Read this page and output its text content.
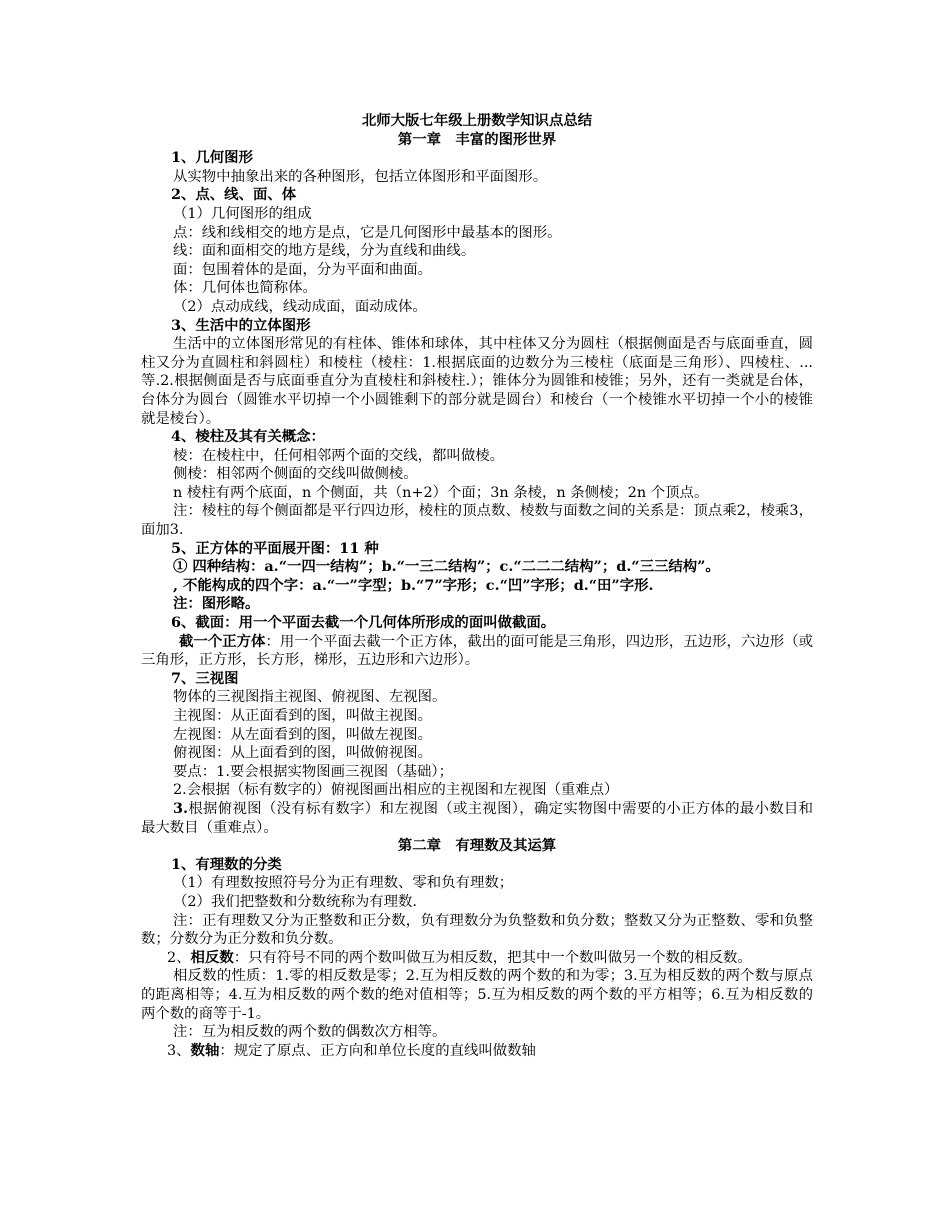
北师大版七年级上册数学知识点总结

第一章　丰富的图形世界

1、几何图形

从实物中抽象出来的各种图形，包括立体图形和平面图形。

2、点、线、面、体

（1）几何图形的组成

点：线和线相交的地方是点，它是几何图形中最基本的图形。

线：面和面相交的地方是线，分为直线和曲线。

面：包围着体的是面，分为平面和曲面。

体：几何体也简称体。

（2）点动成线，线动成面，面动成体。

3、生活中的立体图形

生活中的立体图形常见的有柱体、锥体和球体，其中柱体又分为圆柱（根据侧面是否与底面垂直，圆柱又分为直圆柱和斜圆柱）和棱柱（棱柱：1.根据底面的边数分为三棱柱（底面是三角形）、四棱柱、...等.2.根据侧面是否与底面垂直分为直棱柱和斜棱柱.）；锥体分为圆锥和棱锥；另外，还有一类就是台体，台体分为圆台（圆锥水平切掉一个小圆锥剩下的部分就是圆台）和棱台（一个棱锥水平切掉一个小的棱锥就是棱台）。

4、棱柱及其有关概念：

棱：在棱柱中，任何相邻两个面的交线，都叫做棱。

侧棱：相邻两个侧面的交线叫做侧棱。

n 棱柱有两个底面，n 个侧面，共（n+2）个面；3n 条棱，n 条侧棱；2n 个顶点。

注：棱柱的每个侧面都是平行四边形，棱柱的顶点数、棱数与面数之间的关系是：顶点乘2，棱乘3，面加3.

5、正方体的平面展开图：11 种

① 四种结构：a.“一四一结构”；b.“一三二结构”；c.“二二二结构”；d.“三三结构”。

, 不能构成的四个字：a.“一”字型；b.“7”字形；c.“凹”字形；d.“田”字形.

注：图形略。

6、截面：用一个平面去截一个几何体所形成的面叫做截面。

截一个正方体：用一个平面去截一个正方体，截出的面可能是三角形，四边形，五边形，六边形（或三角形，正方形，长方形，梯形，五边形和六边形）。

7、三视图

物体的三视图指主视图、俯视图、左视图。

主视图：从正面看到的图，叫做主视图。

左视图：从左面看到的图，叫做左视图。

俯视图：从上面看到的图，叫做俯视图。

要点：1.要会根据实物图画三视图（基础）；

2.会根据（标有数字的）俯视图画出相应的主视图和左视图（重难点）

3.根据俯视图（没有标有数字）和左视图（或主视图），确定实物图中需要的小正方体的最小数目和最大数目（重难点）。

第二章　有理数及其运算

1、有理数的分类

（1）有理数按照符号分为正有理数、零和负有理数；

（2）我们把整数和分数统称为有理数.

注：正有理数又分为正整数和正分数，负有理数分为负整数和负分数；整数又分为正整数、零和负整数；分数分为正分数和负分数。

2、相反数：只有符号不同的两个数叫做互为相反数，把其中一个数叫做另一个数的相反数。

相反数的性质：1.零的相反数是零；2.互为相反数的两个数的和为零；3.互为相反数的两个数与原点的距离相等；4.互为相反数的两个数的绝对值相等；5.互为相反数的两个数的平方相等；6.互为相反数的两个数的商等于-1。

注：互为相反数的两个数的偶数次方相等。

3、数轴：规定了原点、正方向和单位长度的直线叫做数轴
